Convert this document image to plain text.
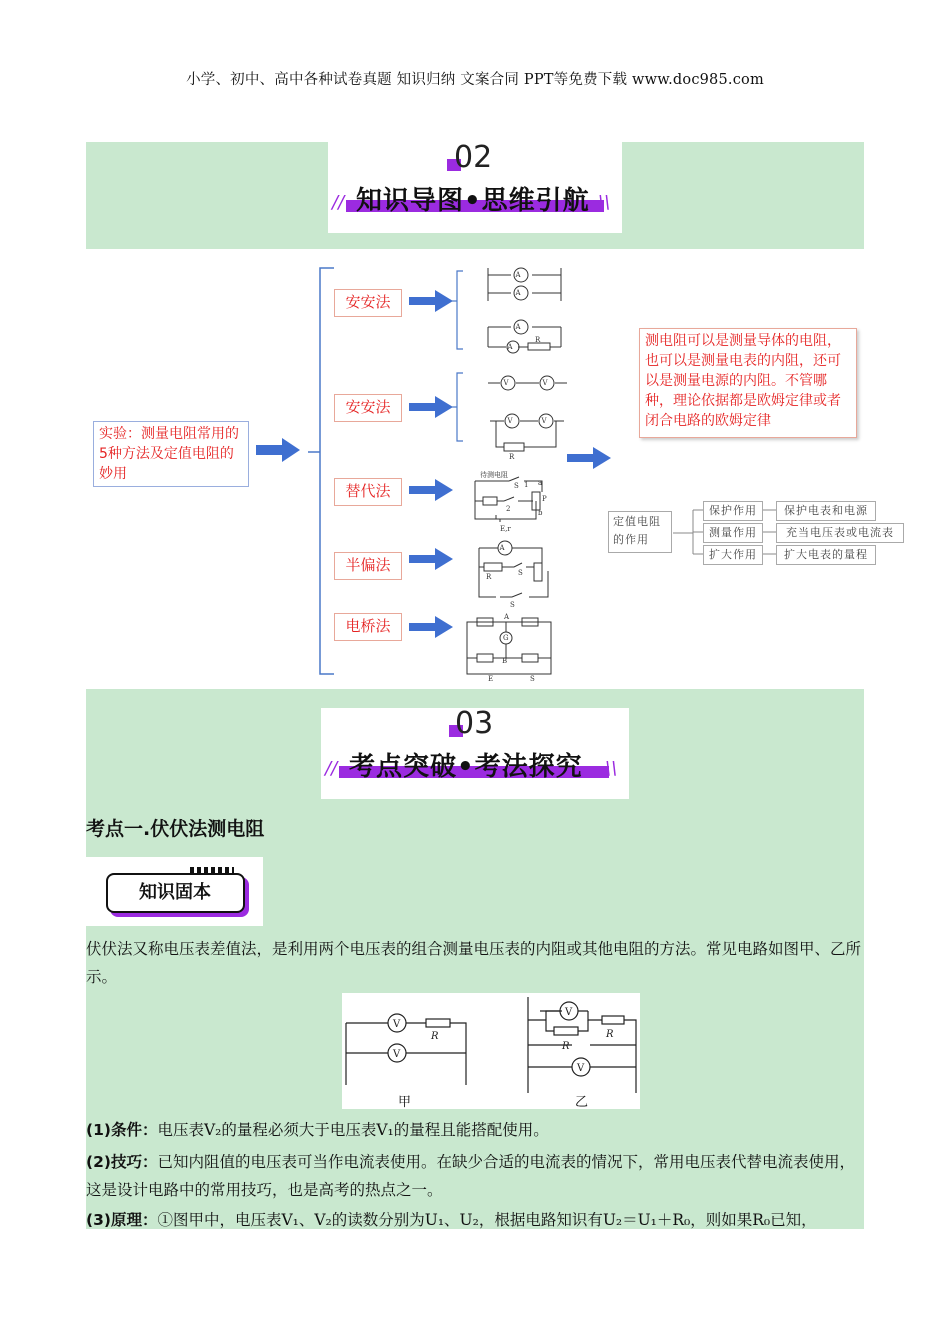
小学、初中、高中各种试卷真题 知识归纳 文案合同 PPT等免费下载 www.doc985.com
02
知识导图•思维引航
//	\\
A
A
A
A
R
V	V
V	V
R
待测电阻
S
2
1
P
a
b
E,r
A
R	S
S
G
A
B
E	S
实验：测量电阻常用的5种方法及定值电阻的妙用
安安法
安安法
替代法
半偏法
电桥法
测电阻可以是测量导体的电阻，也可以是测量电表的内阻，还可以是测量电源的内阻。不管哪种，理论依据都是欧姆定律或者闭合电路的欧姆定律
定值电阻的作用
保护作用
测量作用
扩大作用
保护电表和电源
充当电压表或电流表
扩大电表的量程
03
考点突破•考法探究
//	\\
考点一.伏伏法测电阻
知识固本
伏伏法又称电压表差值法，是利用两个电压表的组合测量电压表的内阻或其他电阻的方法。常见电路如图甲、乙所示。
V
V
R
V
V
R
R
甲	乙
(1)条件：电压表V₂的量程必须大于电压表V₁的量程且能搭配使用。
(2)技巧：已知内阻值的电压表可当作电流表使用。在缺少合适的电流表的情况下，常用电压表代替电流表使用，这是设计电路中的常用技巧，也是高考的热点之一。
(3)原理：①图甲中，电压表V₁、V₂的读数分别为U₁、U₂，根据电路知识有U₂＝U₁＋R₀，则如果R₀已知，
